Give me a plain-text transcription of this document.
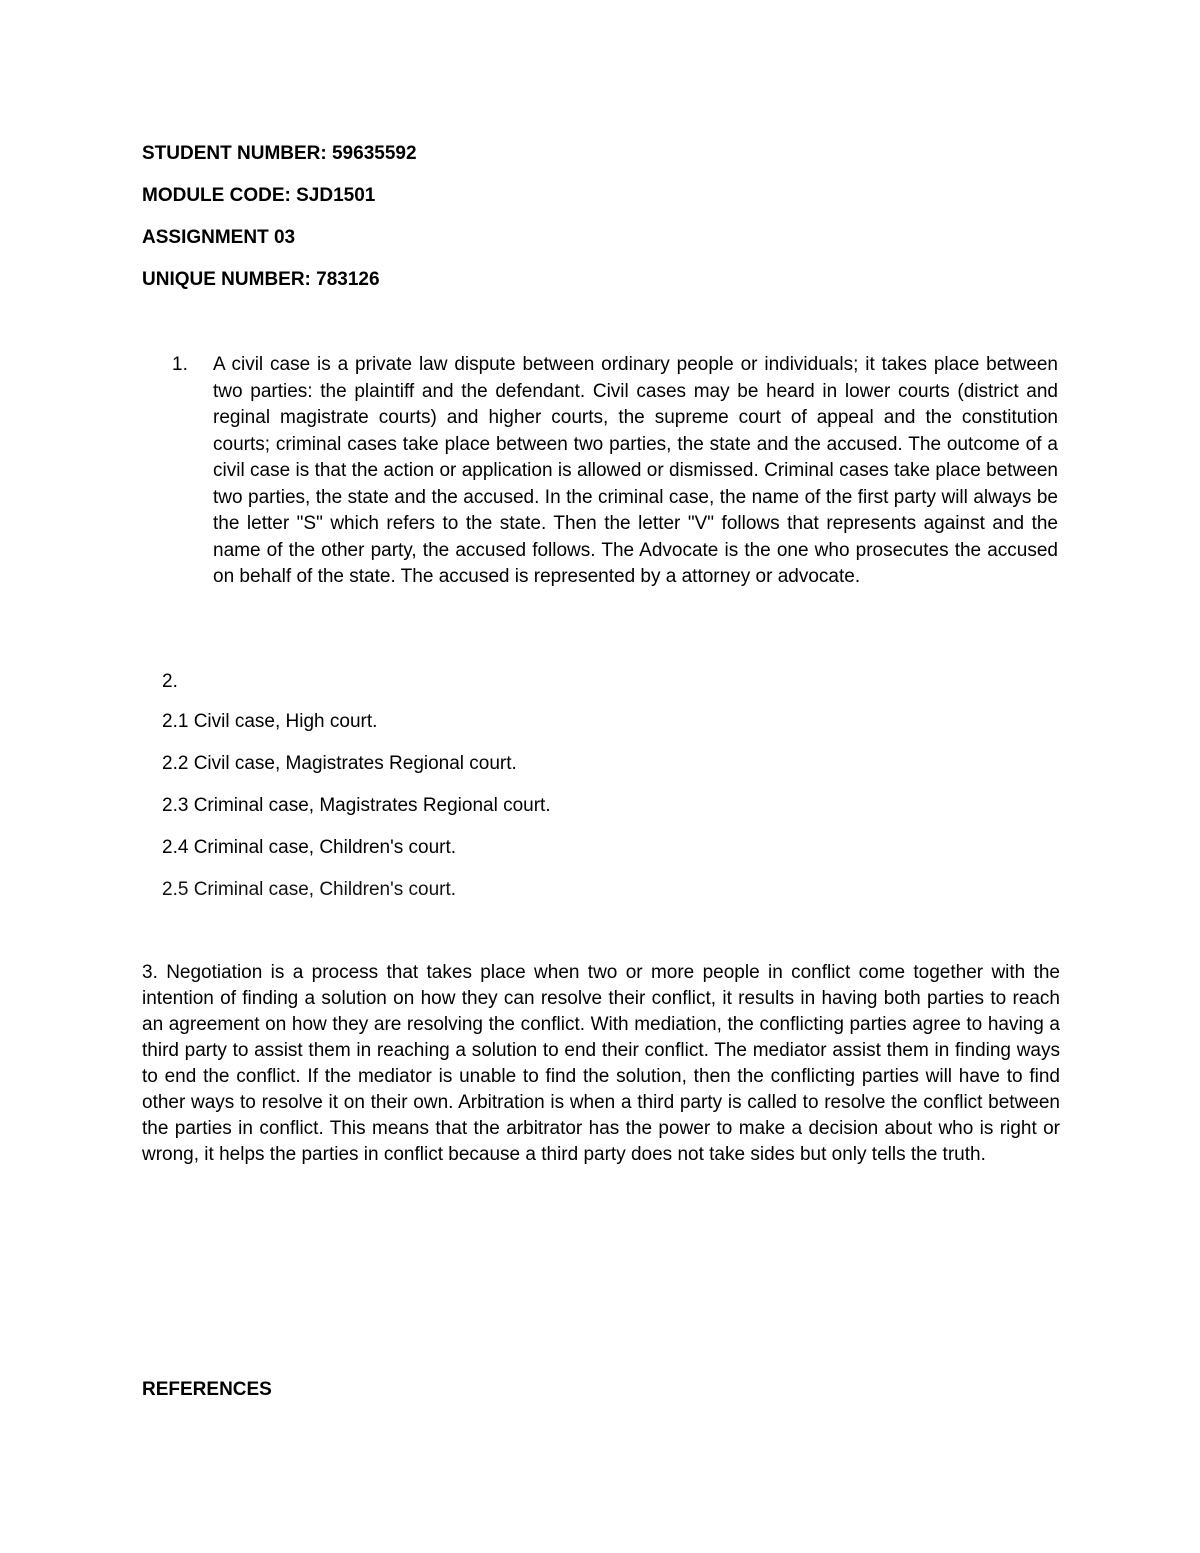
STUDENT NUMBER: 59635592
MODULE CODE: SJD1501
ASSIGNMENT 03
UNIQUE NUMBER: 783126
1. A civil case is a private law dispute between ordinary people or individuals; it takes place between two parties: the plaintiff and the defendant. Civil cases may be heard in lower courts (district and reginal magistrate courts) and higher courts, the supreme court of appeal and the constitution courts; criminal cases take place between two parties, the state and the accused. The outcome of a civil case is that the action or application is allowed or dismissed. Criminal cases take place between two parties, the state and the accused. In the criminal case, the name of the first party will always be the letter "S" which refers to the state. Then the letter "V" follows that represents against and the name of the other party, the accused follows. The Advocate is the one who prosecutes the accused on behalf of the state. The accused is represented by a attorney or advocate.
2.
2.1 Civil case, High court.
2.2 Civil case, Magistrates Regional court.
2.3 Criminal case, Magistrates Regional court.
2.4 Criminal case, Children's court.
2.5 Criminal case, Children's court.
3. Negotiation is a process that takes place when two or more people in conflict come together with the intention of finding a solution on how they can resolve their conflict, it results in having both parties to reach an agreement on how they are resolving the conflict. With mediation, the conflicting parties agree to having a third party to assist them in reaching a solution to end their conflict. The mediator assist them in finding ways to end the conflict. If the mediator is unable to find the solution, then the conflicting parties will have to find other ways to resolve it on their own. Arbitration is when a third party is called to resolve the conflict between the parties in conflict. This means that the arbitrator has the power to make a decision about who is right or wrong, it helps the parties in conflict because a third party does not take sides but only tells the truth.
REFERENCES
